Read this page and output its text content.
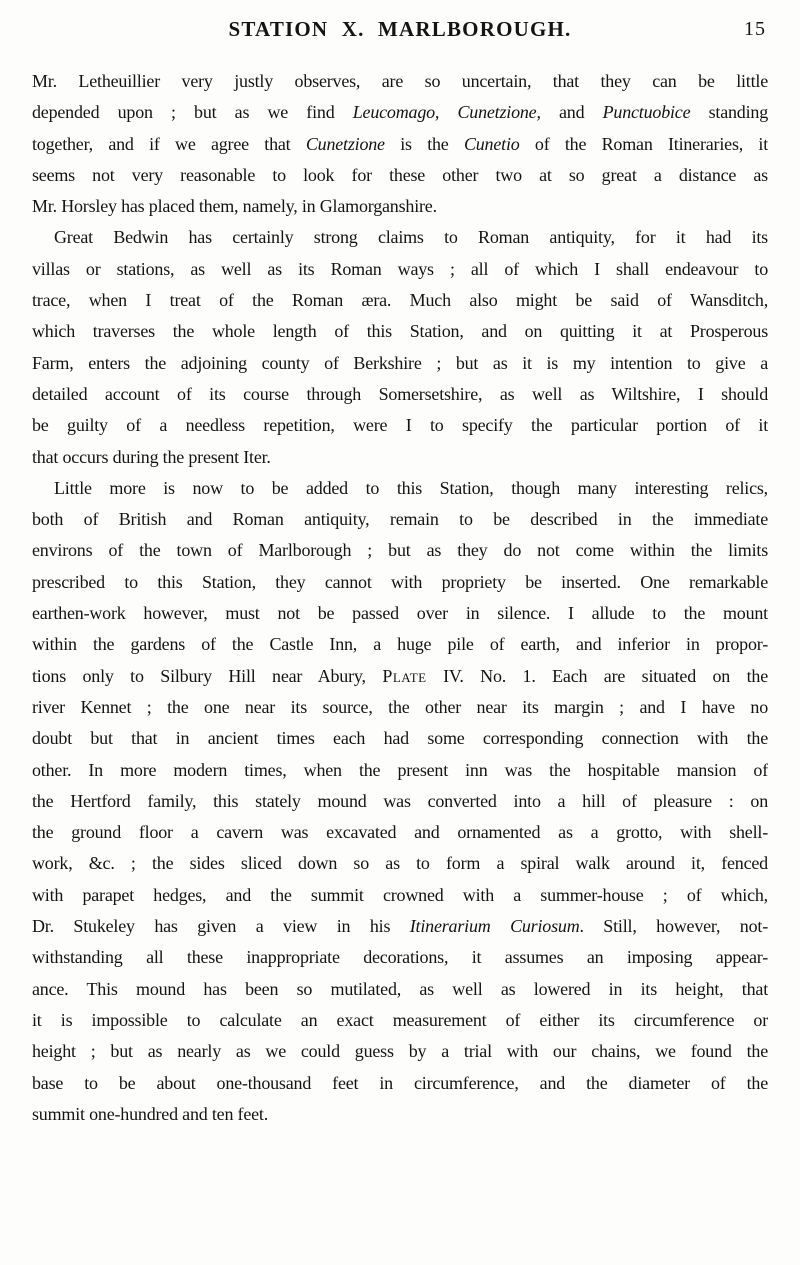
STATION X. MARLBOROUGH.	15
Mr. Letheuillier very justly observes, are so uncertain, that they can be little
depended upon ; but as we find Leucomago, Cunetzione, and Punctuobice standing
together, and if we agree that Cunetzione is the Cunetio of the Roman Itineraries, it
seems not very reasonable to look for these other two at so great a distance as
Mr. Horsley has placed them, namely, in Glamorganshire.
Great Bedwin has certainly strong claims to Roman antiquity, for it had its
villas or stations, as well as its Roman ways ; all of which I shall endeavour to
trace, when I treat of the Roman æra. Much also might be said of Wansditch,
which traverses the whole length of this Station, and on quitting it at Prosperous
Farm, enters the adjoining county of Berkshire ; but as it is my intention to give a
detailed account of its course through Somersetshire, as well as Wiltshire, I should
be guilty of a needless repetition, were I to specify the particular portion of it
that occurs during the present Iter.
Little more is now to be added to this Station, though many interesting relics,
both of British and Roman antiquity, remain to be described in the immediate
environs of the town of Marlborough ; but as they do not come within the limits
prescribed to this Station, they cannot with propriety be inserted. One remarkable
earthen-work however, must not be passed over in silence. I allude to the mount
within the gardens of the Castle Inn, a huge pile of earth, and inferior in propor-
tions only to Silbury Hill near Abury, Plate IV. No. 1. Each are situated on the
river Kennet ; the one near its source, the other near its margin ; and I have no
doubt but that in ancient times each had some corresponding connection with the
other. In more modern times, when the present inn was the hospitable mansion of
the Hertford family, this stately mound was converted into a hill of pleasure : on
the ground floor a cavern was excavated and ornamented as a grotto, with shell-
work, &c. ; the sides sliced down so as to form a spiral walk around it, fenced
with parapet hedges, and the summit crowned with a summer-house ; of which,
Dr. Stukeley has given a view in his Itinerarium Curiosum. Still, however, not-
withstanding all these inappropriate decorations, it assumes an imposing appear-
ance. This mound has been so mutilated, as well as lowered in its height, that
it is impossible to calculate an exact measurement of either its circumference or
height ; but as nearly as we could guess by a trial with our chains, we found the
base to be about one-thousand feet in circumference, and the diameter of the
summit one-hundred and ten feet.
